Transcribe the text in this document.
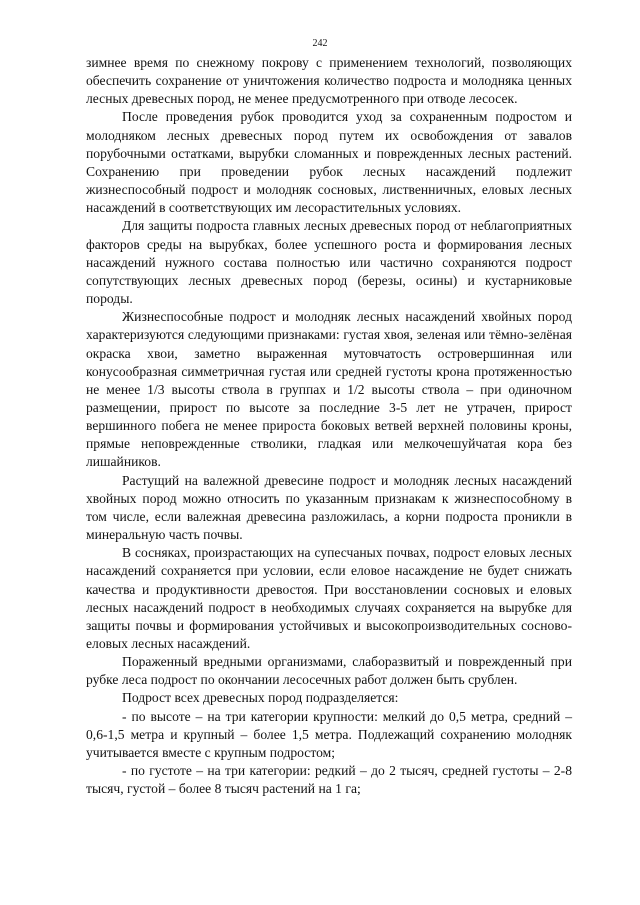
242

зимнее время по снежному покрову с применением технологий, позволяющих обеспечить сохранение от уничтожения количество подроста и молодняка ценных лесных древесных пород, не менее предусмотренного при отводе лесосек.

После проведения рубок проводится уход за сохраненным подростом и молодняком лесных древесных пород путем их освобождения от завалов порубочными остатками, вырубки сломанных и поврежденных лесных растений. Сохранению при проведении рубок лесных насаждений подлежит жизнеспособный подрост и молодняк сосновых, лиственничных, еловых лесных насаждений в соответствующих им лесорастительных условиях.

Для защиты подроста главных лесных древесных пород от неблагоприятных факторов среды на вырубках, более успешного роста и формирования лесных насаждений нужного состава полностью или частично сохраняются подрост сопутствующих лесных древесных пород (березы, осины) и кустарниковые породы.

Жизнеспособные подрост и молодняк лесных насаждений хвойных пород характеризуются следующими признаками: густая хвоя, зеленая или тёмно-зелёная окраска хвои, заметно выраженная мутовчатость островершинная или конусообразная симметричная густая или средней густоты крона протяженностью не менее 1/3 высоты ствола в группах и 1/2 высоты ствола – при одиночном размещении, прирост по высоте за последние 3-5 лет не утрачен, прирост вершинного побега не менее прироста боковых ветвей верхней половины кроны, прямые неповрежденные стволики, гладкая или мелкочешуйчатая кора без лишайников.

Растущий на валежной древесине подрост и молодняк лесных насаждений хвойных пород можно относить по указанным признакам к жизнеспособному в том числе, если валежная древесина разложилась, а корни подроста проникли в минеральную часть почвы.

В сосняках, произрастающих на супесчаных почвах, подрост еловых лесных насаждений сохраняется при условии, если еловое насаждение не будет снижать качества и продуктивности древостоя. При восстановлении сосновых и еловых лесных насаждений подрост в необходимых случаях сохраняется на вырубке для защиты почвы и формирования устойчивых и высокопроизводительных сосново-еловых лесных насаждений.

Пораженный вредными организмами, слаборазвитый и поврежденный при рубке леса подрост по окончании лесосечных работ должен быть срублен.

Подрост всех древесных пород подразделяется:

- по высоте – на три категории крупности: мелкий до 0,5 метра, средний – 0,6-1,5 метра и крупный – более 1,5 метра. Подлежащий сохранению молодняк учитывается вместе с крупным подростом;

- по густоте – на три категории: редкий – до 2 тысяч, средней густоты – 2-8 тысяч, густой – более 8 тысяч растений на 1 га;
